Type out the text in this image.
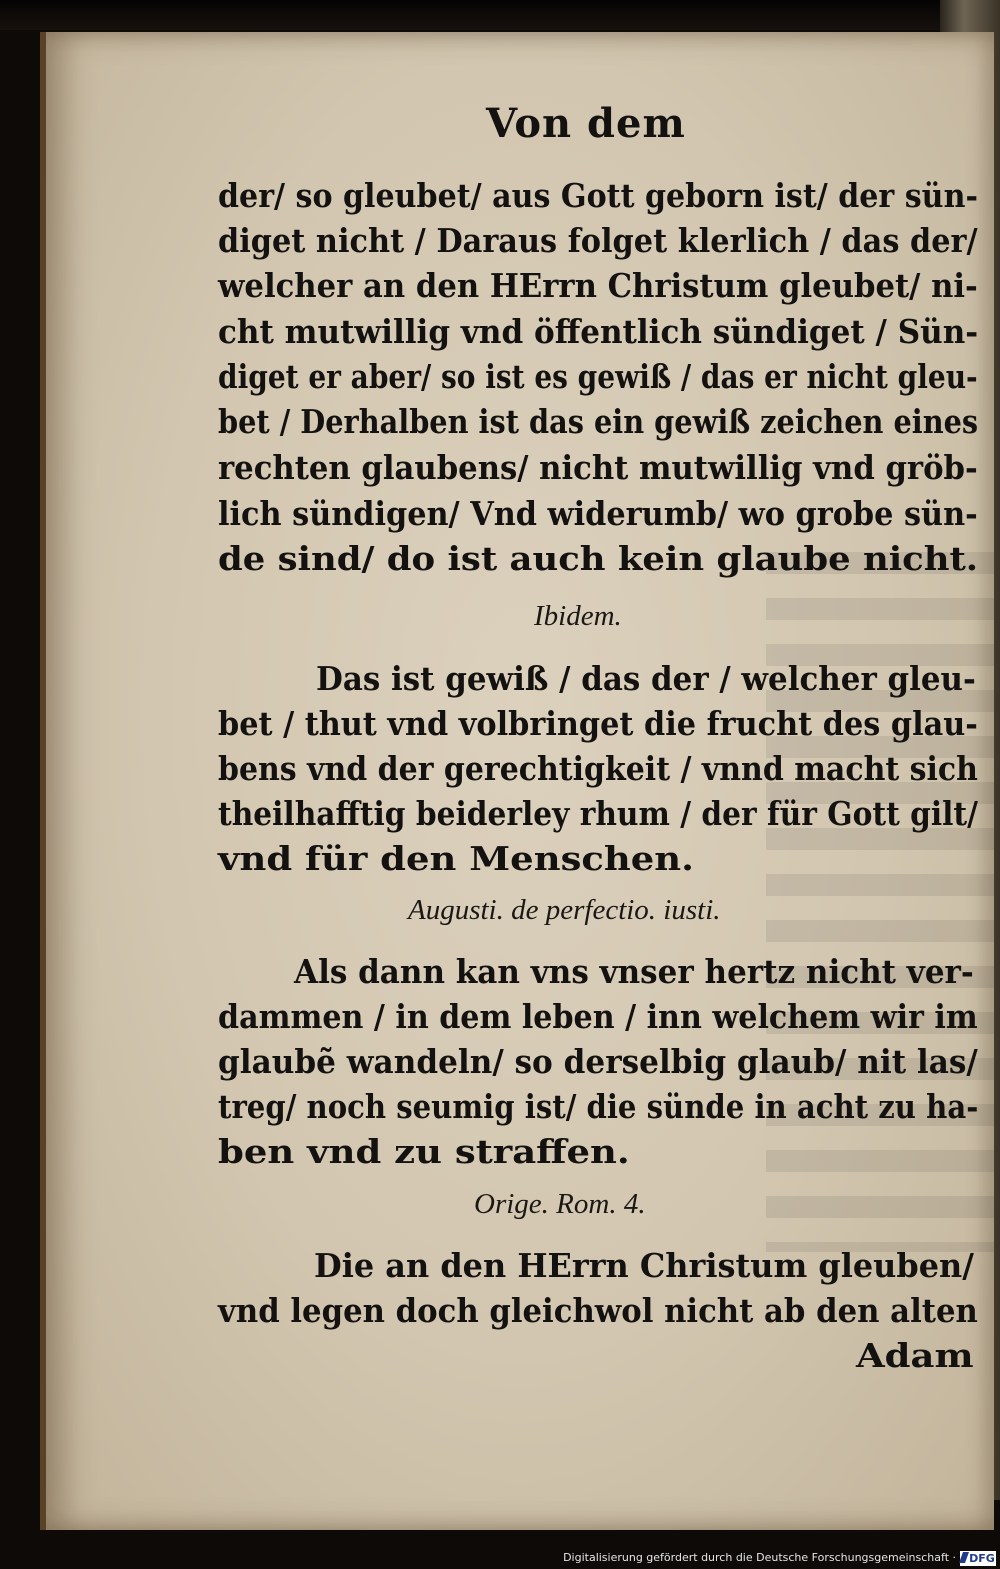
Von dem

der/ so gleubet/ aus Gott geborn ist/ der sün-

diget nicht / Daraus folget klerlich / das der/

welcher an den HErrn Christum gleubet/ ni-

cht mutwillig vnd öffentlich sündiget / Sün-

diget er aber/ so ist es gewiß / das er nicht gleu-

bet / Derhalben ist das ein gewiß zeichen eines

rechten glaubens/ nicht mutwillig vnd gröb-

lich sündigen/ Vnd widerumb/ wo grobe sün-

de sind/ do ist auch kein glaube nicht.

Ibidem.

Das ist gewiß / das der / welcher gleu-

bet / thut vnd volbringet die frucht des glau-

bens vnd der gerechtigkeit / vnnd macht sich

theilhafftig beiderley rhum / der für Gott gilt/

vnd für den Menschen.

Augusti. de perfectio. iusti.

Als dann kan vns vnser hertz nicht ver-

dammen / in dem leben / inn welchem wir im

glaubẽ wandeln/ so derselbig glaub/ nit las/

treg/ noch seumig ist/ die sünde in acht zu ha-

ben vnd zu straffen.

Orige. Rom. 4.

Die an den HErrn Christum gleuben/

vnd legen doch gleichwol nicht ab den alten

Adam

Digitalisierung gefördert durch die Deutsche Forschungsgemeinschaft ·	DFG
